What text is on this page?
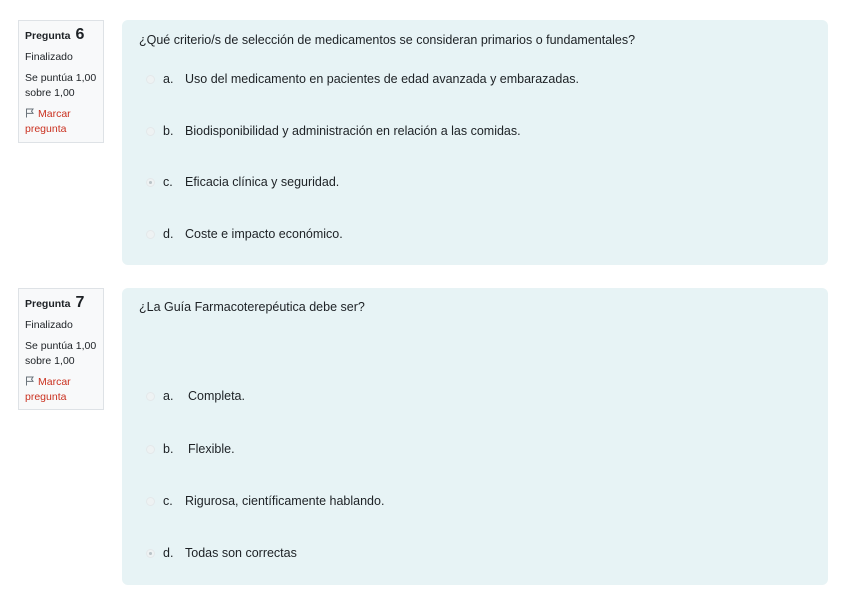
Pregunta 6
Finalizado
Se puntúa 1,00 sobre 1,00
Marcar pregunta
¿Qué criterio/s de selección de medicamentos se consideran primarios o fundamentales?
a. Uso del medicamento en pacientes de edad avanzada y embarazadas.
b. Biodisponibilidad y administración en relación a las comidas.
c. Eficacia clínica y seguridad.
d. Coste e impacto económico.
Pregunta 7
Finalizado
Se puntúa 1,00 sobre 1,00
Marcar pregunta
¿La Guía Farmacoterepéutica debe ser?
a.	Completa.
b.	Flexible.
c. Rigurosa, científicamente hablando.
d. Todas son correctas
